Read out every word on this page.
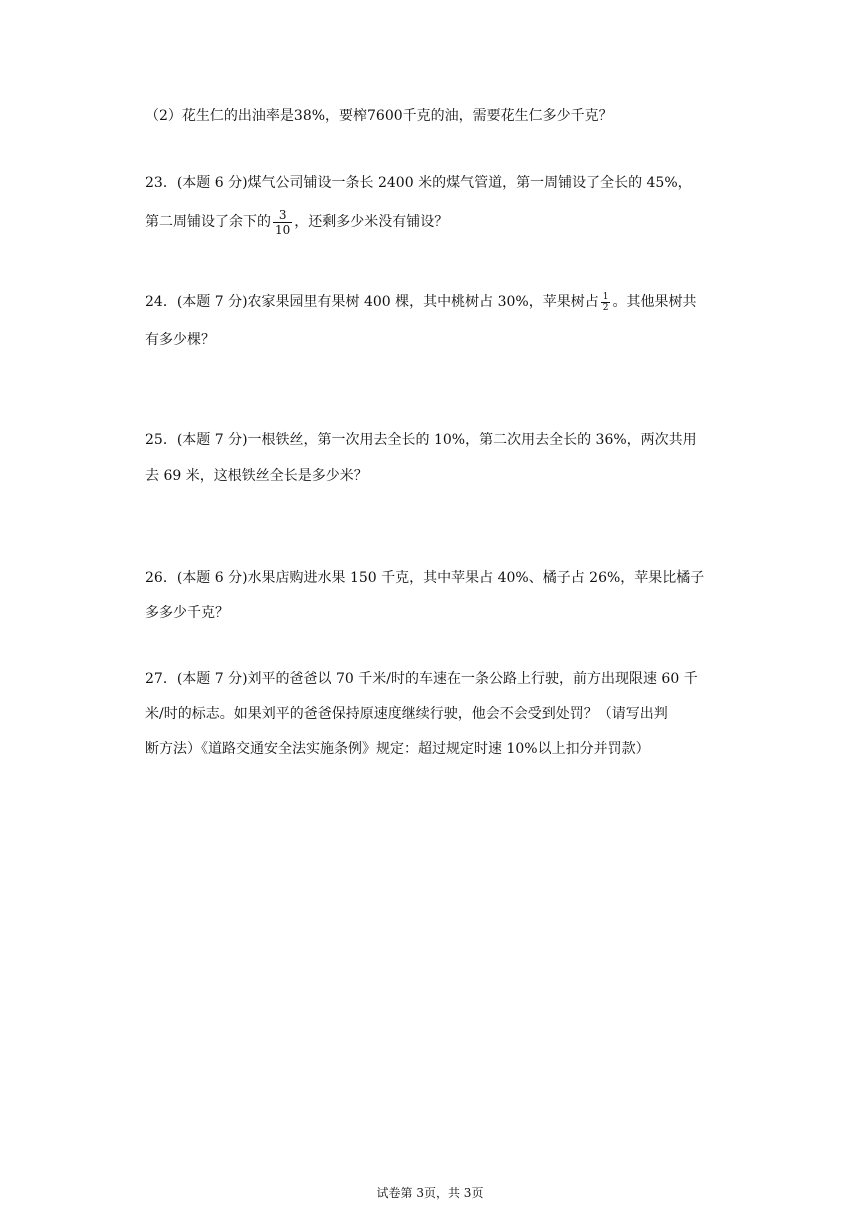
（2）花生仁的出油率是38%，要榨7600千克的油，需要花生仁多少千克？
23．(本题 6 分)煤气公司铺设一条长 2400 米的煤气管道，第一周铺设了全长的 45%，
第二周铺设了余下的 $\frac{3}{10}$ ，还剩多少米没有铺设？
24．(本题 7 分)农家果园里有果树 400 棵，其中桃树占 30%，苹果树占 $\frac{1}{2}$ 。其他果树共
有多少棵？
25．(本题 7 分)一根铁丝，第一次用去全长的 10%，第二次用去全长的 36%，两次共用
去 69 米，这根铁丝全长是多少米？
26．(本题 6 分)水果店购进水果 150 千克，其中苹果占 40%、橘子占 26%，苹果比橘子
多多少千克？
27．(本题 7 分)刘平的爸爸以 70 千米/时的车速在一条公路上行驶，前方出现限速 60 千
米/时的标志。如果刘平的爸爸保持原速度继续行驶，他会不会受到处罚？（请写出判
断方法）《道路交通安全法实施条例》规定：超过规定时速 10%以上扣分并罚款）
试卷第 3页，共 3页
